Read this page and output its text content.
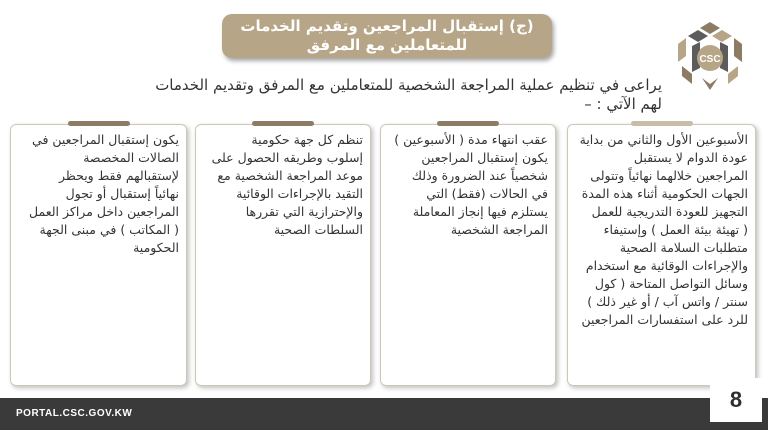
(ج) إستقبال المراجعين وتقديم الخدمات
للمتعاملين مع المرفق
CSC
يراعى في تنظيم عملية المراجعة الشخصية للمتعاملين مع المرفق وتقديم الخدمات
لهم الآتي : –
الأسبوعين الأول والثاني من بداية
عودة الدوام لا يستقبل
المراجعين خلالهما نهائياً وتتولى
الجهات الحكومية أثناء هذه المدة
التجهيز للعودة التدريجية للعمل
( تهيئة بيئة العمل ) وإستيفاء
متطلبات السلامة الصحية
والإجراءات الوقائية مع استخدام
وسائل التواصل المتاحة ( كول
سنتر / واتس آب / أو غير ذلك )
للرد على استفسارات المراجعين
عقب انتهاء مدة ( الأسبوعين )
يكون إستقبال المراجعين
شخصياً عند الضرورة وذلك
في الحالات (فقط) التي
يستلزم فيها إنجاز المعاملة
المراجعة الشخصية
تنظم كل جهة حكومية
إسلوب وطريقه الحصول على
موعد المراجعة الشخصية مع
التقيد بالإجراءات الوقائية
والإحترازية التي تقررها
السلطات الصحية
يكون إستقبال المراجعين في
الصالات المخصصة
لإستقبالهم فقط ويحظر
نهائياً إستقبال أو تجول
المراجعين داخل مراكز العمل
( المكاتب ) في مبنى الجهة
الحكومية
PORTAL.CSC.GOV.KW
8
